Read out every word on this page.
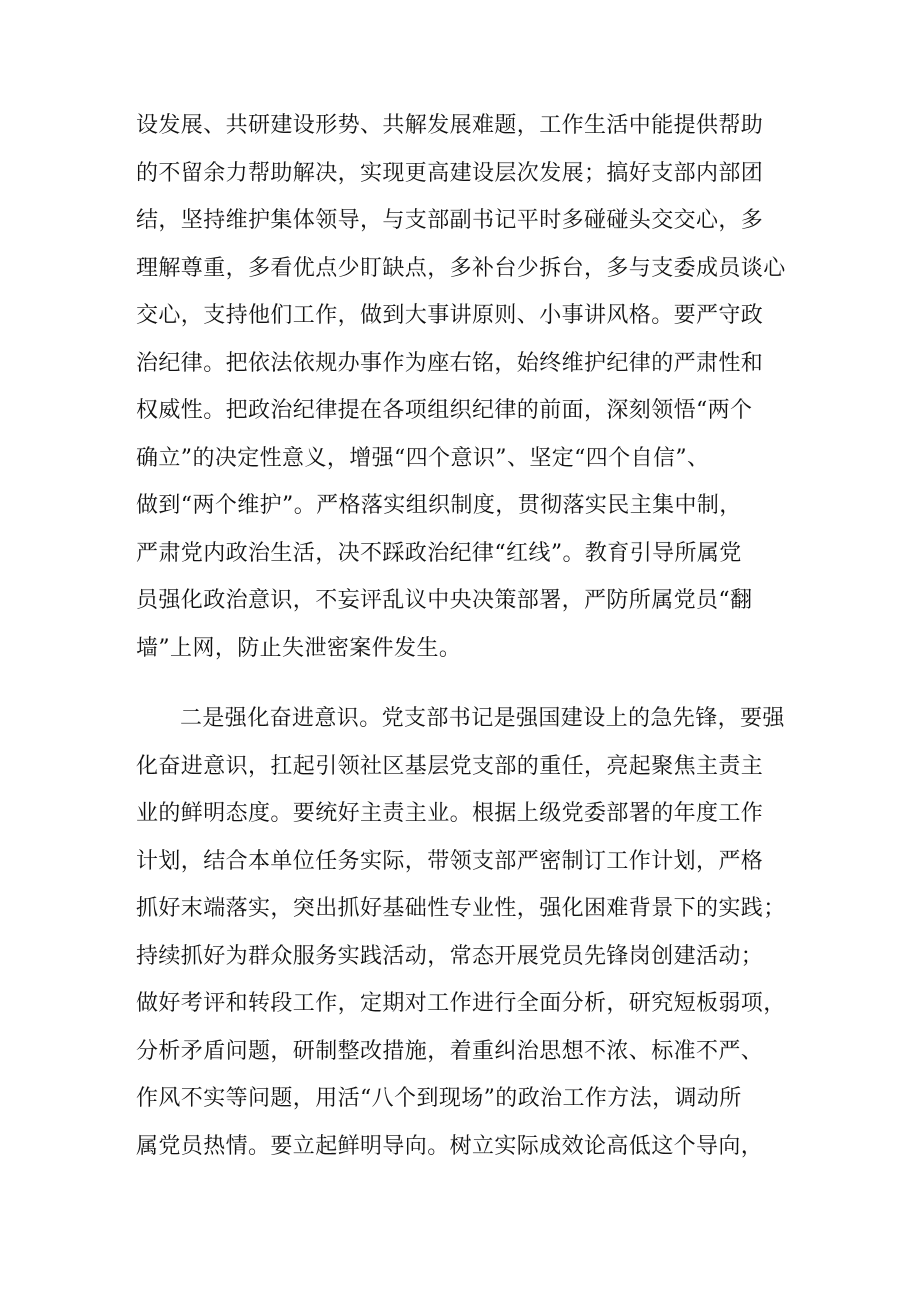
设发展、共研建设形势、共解发展难题，工作生活中能提供帮助
的不留余力帮助解决，实现更高建设层次发展；搞好支部内部团
结，坚持维护集体领导，与支部副书记平时多碰碰头交交心，多
理解尊重，多看优点少盯缺点，多补台少拆台，多与支委成员谈心
交心，支持他们工作，做到大事讲原则、小事讲风格。要严守政
治纪律。把依法依规办事作为座右铭，始终维护纪律的严肃性和
权威性。把政治纪律提在各项组织纪律的前面，深刻领悟“两个
确立”的决定性意义，增强“四个意识”、坚定“四个自信”、
做到“两个维护”。严格落实组织制度，贯彻落实民主集中制，
严肃党内政治生活，决不踩政治纪律“红线”。教育引导所属党
员强化政治意识，不妄评乱议中央决策部署，严防所属党员“翻
墙”上网，防止失泄密案件发生。
二是强化奋进意识。党支部书记是强国建设上的急先锋，要强
化奋进意识，扛起引领社区基层党支部的重任，亮起聚焦主责主
业的鲜明态度。要统好主责主业。根据上级党委部署的年度工作
计划，结合本单位任务实际，带领支部严密制订工作计划，严格
抓好末端落实，突出抓好基础性专业性，强化困难背景下的实践；
持续抓好为群众服务实践活动，常态开展党员先锋岗创建活动；
做好考评和转段工作，定期对工作进行全面分析，研究短板弱项，
分析矛盾问题，研制整改措施，着重纠治思想不浓、标准不严、
作风不实等问题，用活“八个到现场”的政治工作方法，调动所
属党员热情。要立起鲜明导向。树立实际成效论高低这个导向，
